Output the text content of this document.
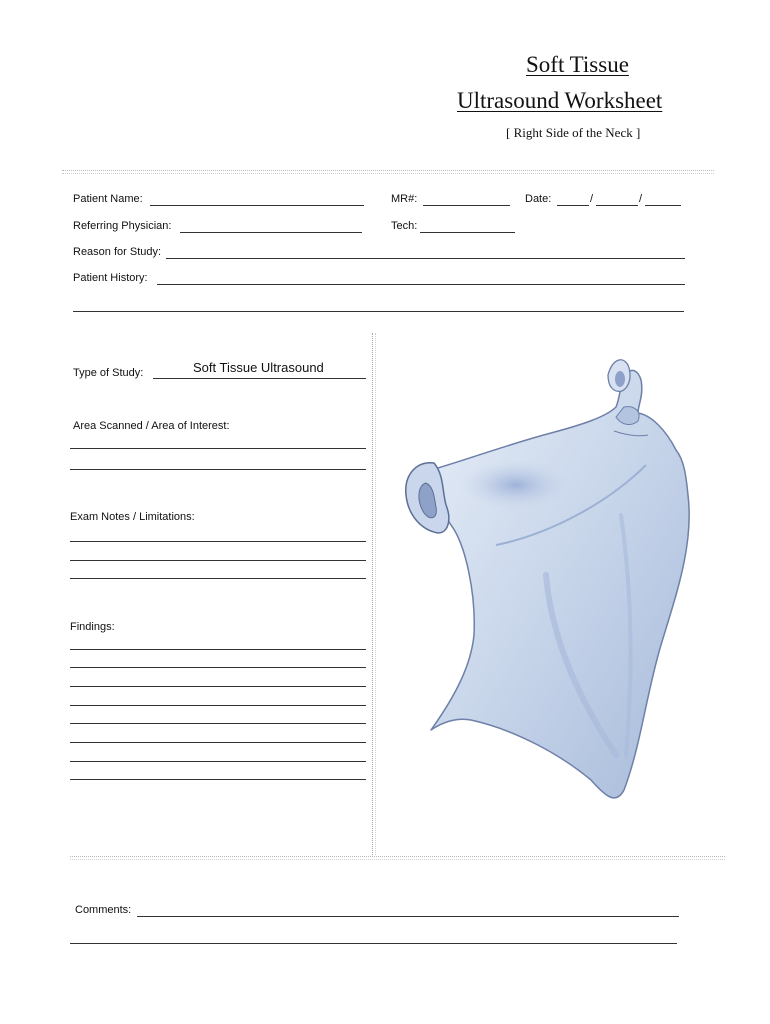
Soft Tissue
Ultrasound Worksheet
[ Right Side of the Neck ]
Patient Name:	MR#:	Date:	/	/
Referring Physician:	Tech:
Reason for Study:
Patient History:
Type of Study:	Soft Tissue Ultrasound
Area Scanned / Area of Interest:
Exam Notes / Limitations:
Findings:
Comments:
